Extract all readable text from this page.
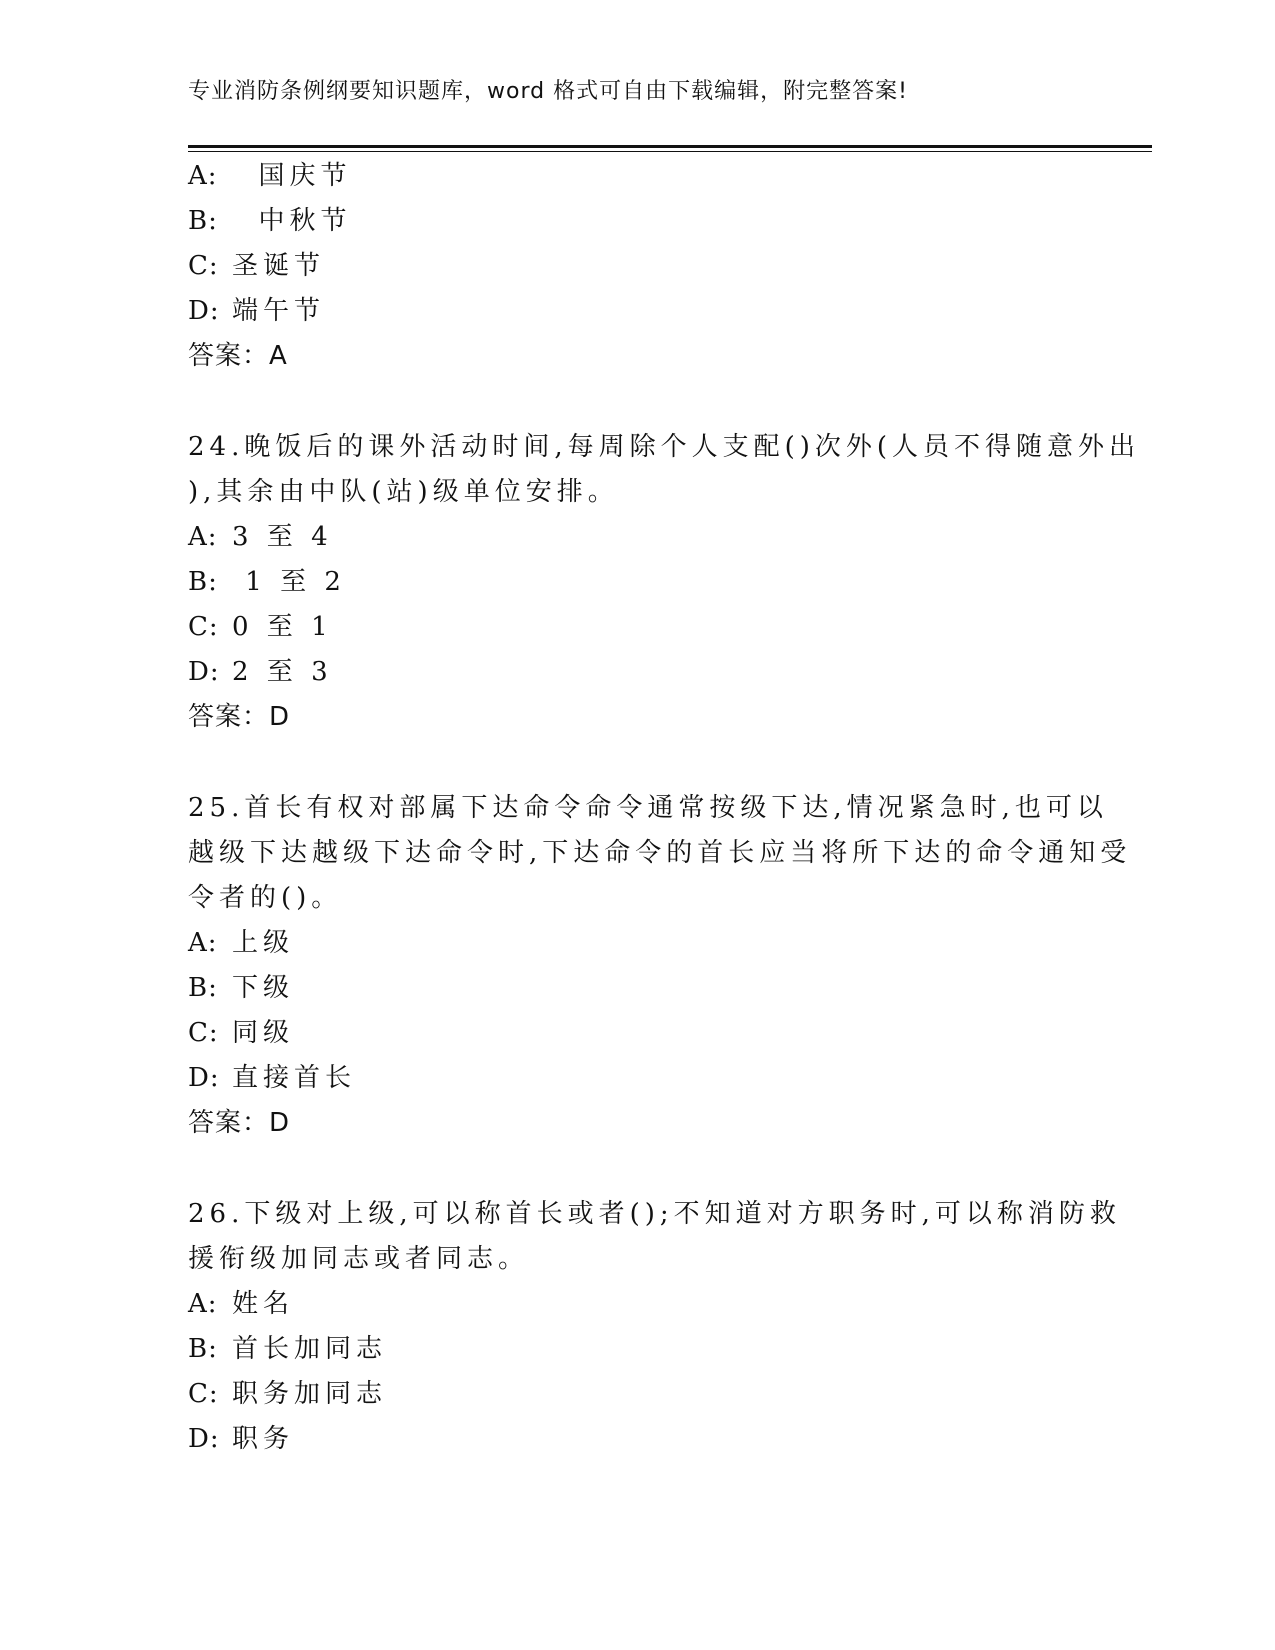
专业消防条例纲要知识题库，word 格式可自由下载编辑，附完整答案!
A:  国庆节
B:  中秋节
C: 圣诞节
D: 端午节
答案：A
24.晚饭后的课外活动时间,每周除个人支配()次外(人员不得随意外出
),其余由中队(站)级单位安排。
A: 3 至 4
B: 1 至 2
C: 0 至 1
D: 2 至 3
答案：D
25.首长有权对部属下达命令命令通常按级下达,情况紧急时,也可以
越级下达越级下达命令时,下达命令的首长应当将所下达的命令通知受
令者的()。
A: 上级
B: 下级
C: 同级
D: 直接首长
答案：D
26.下级对上级,可以称首长或者();不知道对方职务时,可以称消防救
援衔级加同志或者同志。
A: 姓名
B: 首长加同志
C: 职务加同志
D: 职务
